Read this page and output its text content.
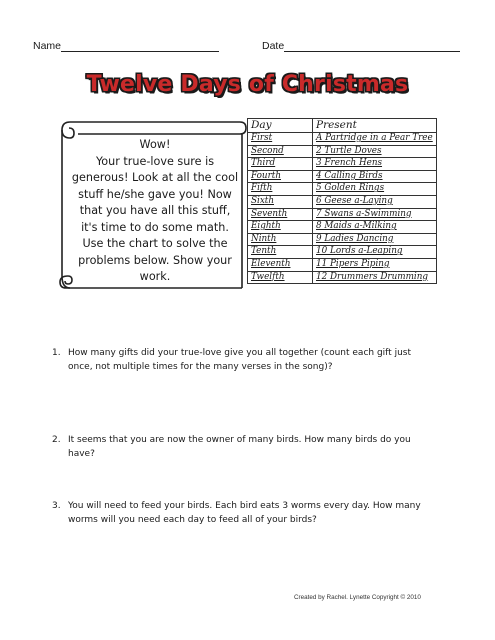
Name	Date
Twelve Days of Christmas
Wow!
Your true-love sure is generous! Look at all the cool stuff he/she gave you! Now that you have all this stuff, it's time to do some math. Use the chart to solve the problems below. Show your work.
Day	Present
First	A Partridge in a Pear Tree
Second	2 Turtle Doves
Third	3 French Hens
Fourth	4 Calling Birds
Fifth	5 Golden Rings
Sixth	6 Geese a-Laying
Seventh	7 Swans a-Swimming
Eighth	8 Maids a-Milking
Ninth	9 Ladies Dancing
Tenth	10 Lords a-Leaping
Eleventh	11 Pipers Piping
Twelfth	12 Drummers Drumming
1. How many gifts did your true-love give you all together (count each gift just once, not multiple times for the many verses in the song)?
2. It seems that you are now the owner of many birds. How many birds do you have?
3. You will need to feed your birds. Each bird eats 3 worms every day. How many worms will you need each day to feed all of your birds?
Created by Rachel. Lynette Copyright © 2010
